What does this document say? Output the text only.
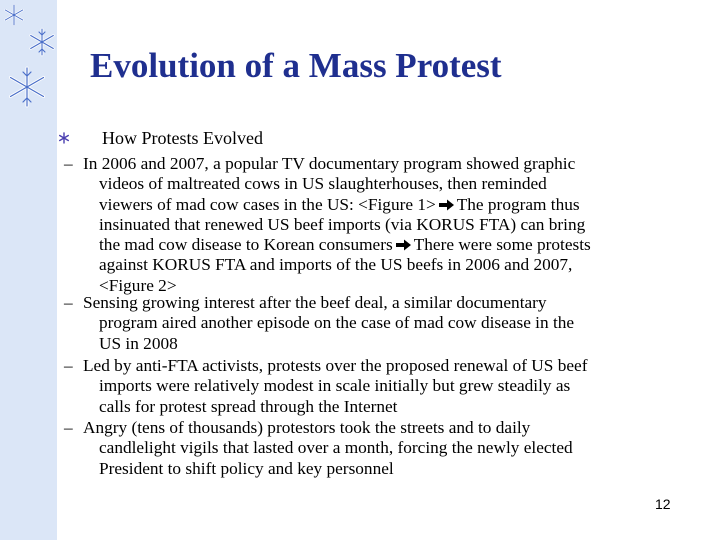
Evolution of a Mass Protest
How Protests Evolved
– In 2006 and 2007, a popular TV documentary program showed graphic
videos of maltreated cows in US slaughterhouses, then reminded
viewers of mad cow cases in the US: <Figure 1> The program thus
insinuated that renewed US beef imports (via KORUS FTA) can bring
the mad cow disease to Korean consumers There were some protests
against KORUS FTA and imports of the US beefs in 2006 and 2007,
<Figure 2>
– Sensing growing interest after the beef deal, a similar documentary
program aired another episode on the case of mad cow disease in the
US in 2008
– Led by anti-FTA activists, protests over the proposed renewal of US beef
imports were relatively modest in scale initially but grew steadily as
calls for protest spread through the Internet
– Angry (tens of thousands) protestors took the streets and to daily
candlelight vigils that lasted over a month, forcing the newly elected
President to shift policy and key personnel
12
